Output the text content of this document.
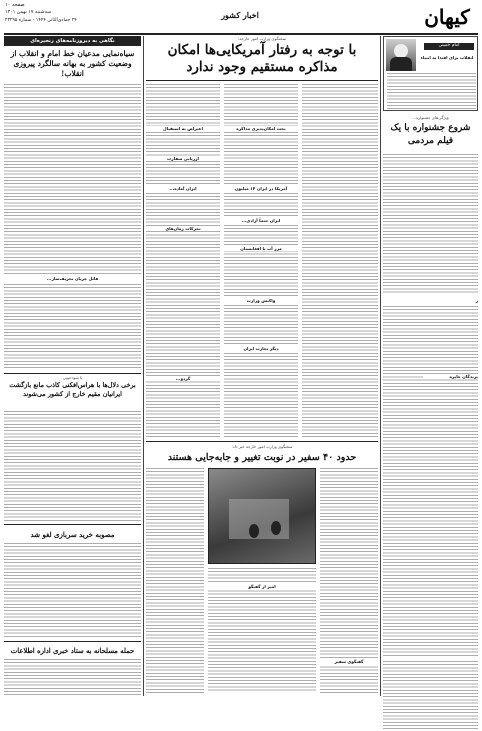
صفحه ۱۰
سه‌شنبه ۱۷ بهمن ۱۴۰۱
۲۴ جمادی‌الثانی ۱۴۴۴ - شماره ۲۳۲۹۵
اخبار کشور	کیهان
امام خمینی
انقلاب برای اقتدا به انبیاء
ویژگی‌های جشنواره...
شروع جشنواره با یک فیلم مردمی
ز
برندگان جایزه
سخنگوی وزارت امور خارجه:
با توجه به رفتار آمریکایی‌ها امکان مذاکره مستقیم وجود ندارد
بحث امکان‌پذیری مذاکره
آمریکا در ایران ۱۴ میلیون
ایران حتماً آزادی...
مرز آب با افغانستان
واکنش وزارت
دیگر تجارت ایران
اعتراض به استقبال
ارزیابی سفارت
ایران آماده...
تحرکات زمان‌های
گردو...
سخنگوی وزارت امور خارجه خبر داد:
حدود ۴۰ سفیر در نوبت تغییر و جابه‌جایی هستند
امیر از گفتگو
گفتگوی سفیر
نگاهی به دیروزنامه‌های زنجیره‌ای
سیاه‌نمایی مدعیان خط امام و انقلاب از وضعیت کشور به بهانه سالگرد پیروزی انقلاب!
فائل جریان تحریف‌ساز...
با سودجویی
برخی دلال‌ها با هراس‌افکنی کاذب مانع بازگشت ایرانیان مقیم خارج از کشور می‌شوند
مصوبه خرید سربازی لغو شد
حمله مسلحانه به ستاد خبری اداره اطلاعات
